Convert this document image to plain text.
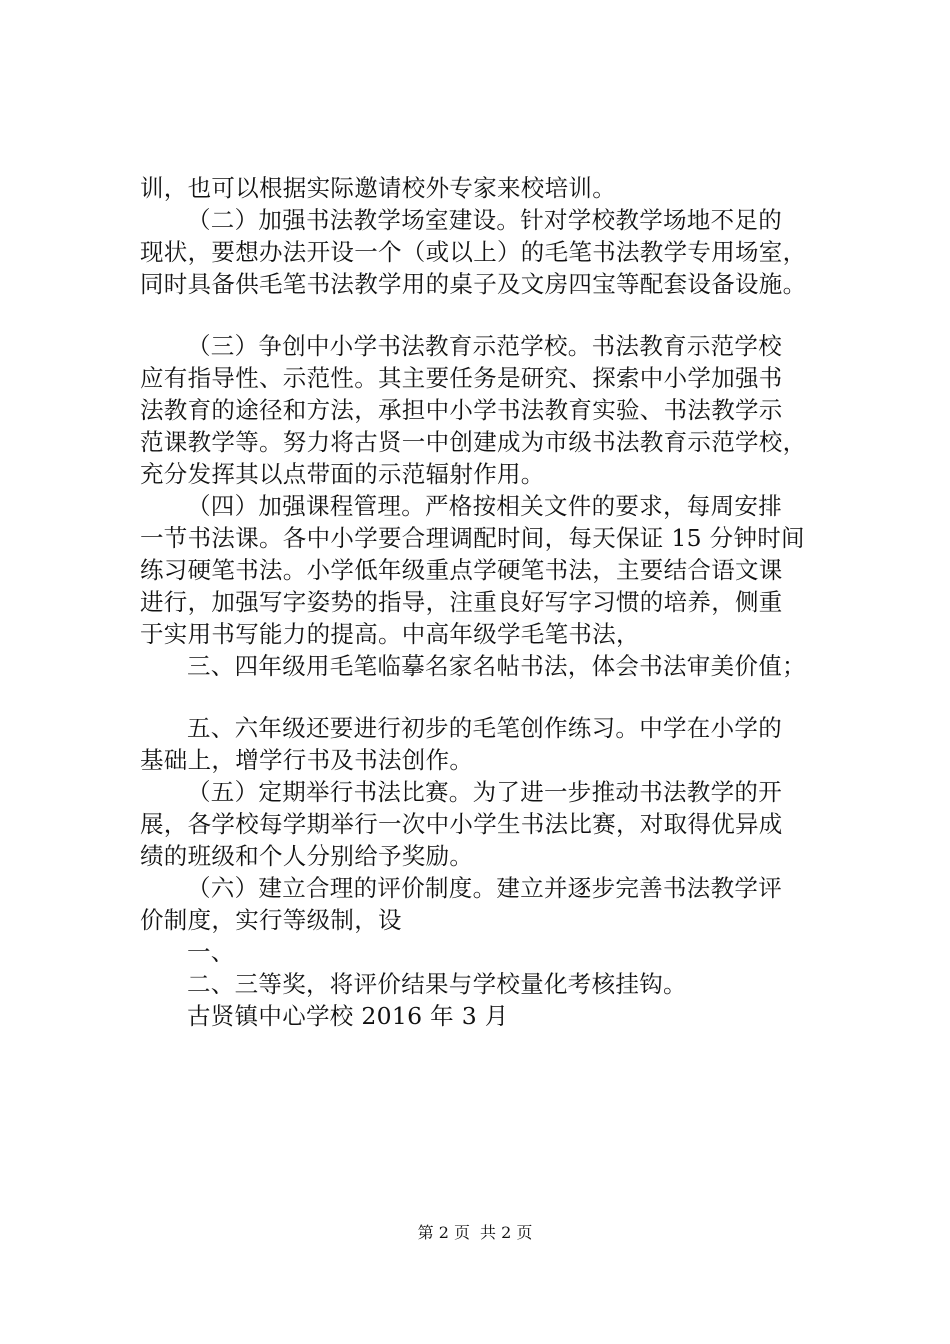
训，也可以根据实际邀请校外专家来校培训。
（二）加强书法教学场室建设。针对学校教学场地不足的
现状，要想办法开设一个（或以上）的毛笔书法教学专用场室，
同时具备供毛笔书法教学用的桌子及文房四宝等配套设备设施。
（三）争创中小学书法教育示范学校。书法教育示范学校
应有指导性、示范性。其主要任务是研究、探索中小学加强书
法教育的途径和方法，承担中小学书法教育实验、书法教学示
范课教学等。努力将古贤一中创建成为市级书法教育示范学校，
充分发挥其以点带面的示范辐射作用。
（四）加强课程管理。严格按相关文件的要求，每周安排
一节书法课。各中小学要合理调配时间，每天保证 15 分钟时间
练习硬笔书法。小学低年级重点学硬笔书法，主要结合语文课
进行，加强写字姿势的指导，注重良好写字习惯的培养，侧重
于实用书写能力的提高。中高年级学毛笔书法，
三、四年级用毛笔临摹名家名帖书法，体会书法审美价值；
五、六年级还要进行初步的毛笔创作练习。中学在小学的
基础上，增学行书及书法创作。
（五）定期举行书法比赛。为了进一步推动书法教学的开
展，各学校每学期举行一次中小学生书法比赛，对取得优异成
绩的班级和个人分别给予奖励。
（六）建立合理的评价制度。建立并逐步完善书法教学评
价制度，实行等级制，设
一、
二、三等奖，将评价结果与学校量化考核挂钩。
古贤镇中心学校 2016 年 3 月
第 2 页 共 2 页
